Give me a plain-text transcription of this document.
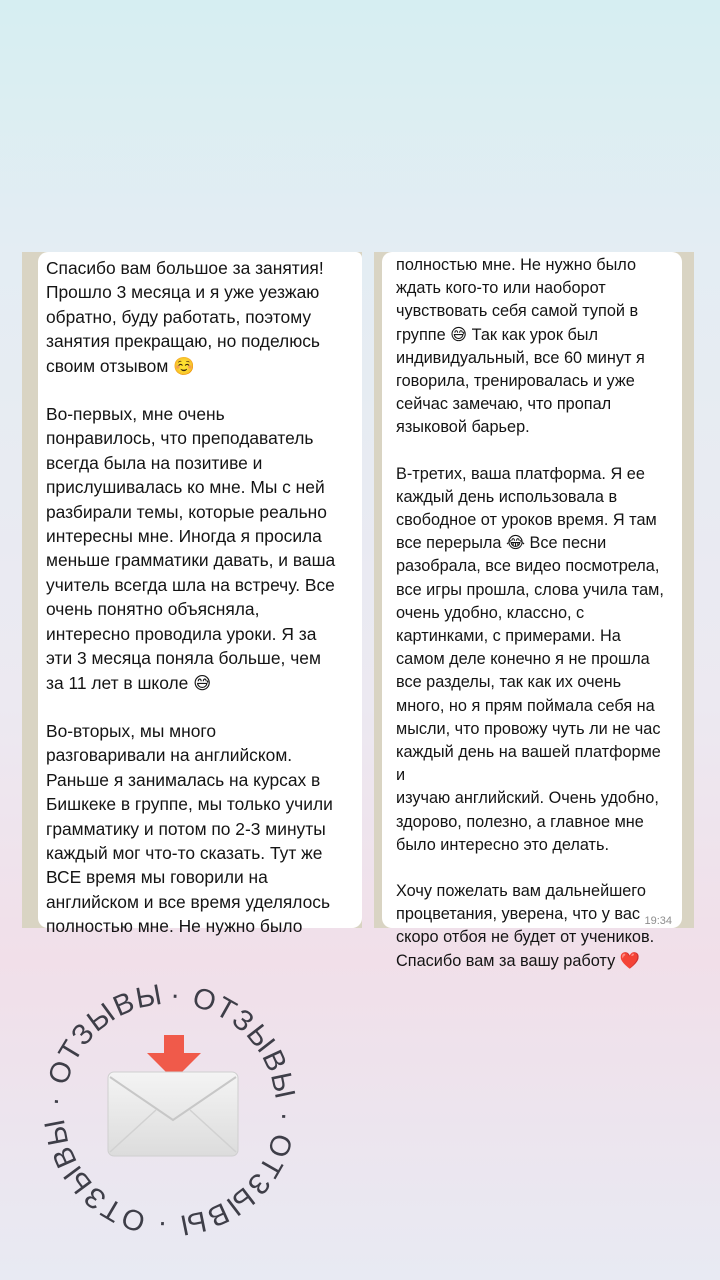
Спасибо вам большое за занятия!
Прошло 3 месяца и я уже уезжаю
обратно, буду работать, поэтому
занятия прекращаю, но поделюсь
своим отзывом ☺️

Во-первых, мне очень
понравилось, что преподаватель
всегда была на позитиве и
прислушивалась ко мне. Мы с ней
разбирали темы, которые реально
интересны мне. Иногда я просила
меньше грамматики давать, и ваша
учитель всегда шла на встречу. Все
очень понятно объясняла,
интересно проводила уроки. Я за
эти 3 месяца поняла больше, чем
за 11 лет в школе 😅

Во-вторых, мы много
разговаривали на английском.
Раньше я занималась на курсах в
Бишкеке в группе, мы только учили
грамматику и потом по 2-3 минуты
каждый мог что-то сказать. Тут же
ВСЕ время мы говорили на
английском и все время уделялось
полностью мне. Не нужно было

полностью мне. Не нужно было
ждать кого-то или наоборот
чувствовать себя самой тупой в
группе 😅 Так как урок был
индивидуальный, все 60 минут я
говорила, тренировалась и уже
сейчас замечаю, что пропал
языковой барьер.

В-третих, ваша платформа. Я ее
каждый день использовала в
свободное от уроков время. Я там
все перерыла 😂 Все песни
разобрала, все видео посмотрела,
все игры прошла, слова учила там,
очень удобно, классно, с
картинками, с примерами. На
самом деле конечно я не прошла
все разделы, так как их очень
много, но я прям поймала себя на
мысли, что провожу чуть ли не час
каждый день на вашей платформе и
изучаю английский. Очень удобно,
здорово, полезно, а главное мне
было интересно это делать.

Хочу пожелать вам дальнейшего
процветания, уверена, что у вас
скоро отбоя не будет от учеников.
Спасибо вам за вашу работу ❤️

19:34
· ОТЗЫВЫ · ОТЗЫВЫ · ОТЗЫВЫ · ОТЗЫВЫ
